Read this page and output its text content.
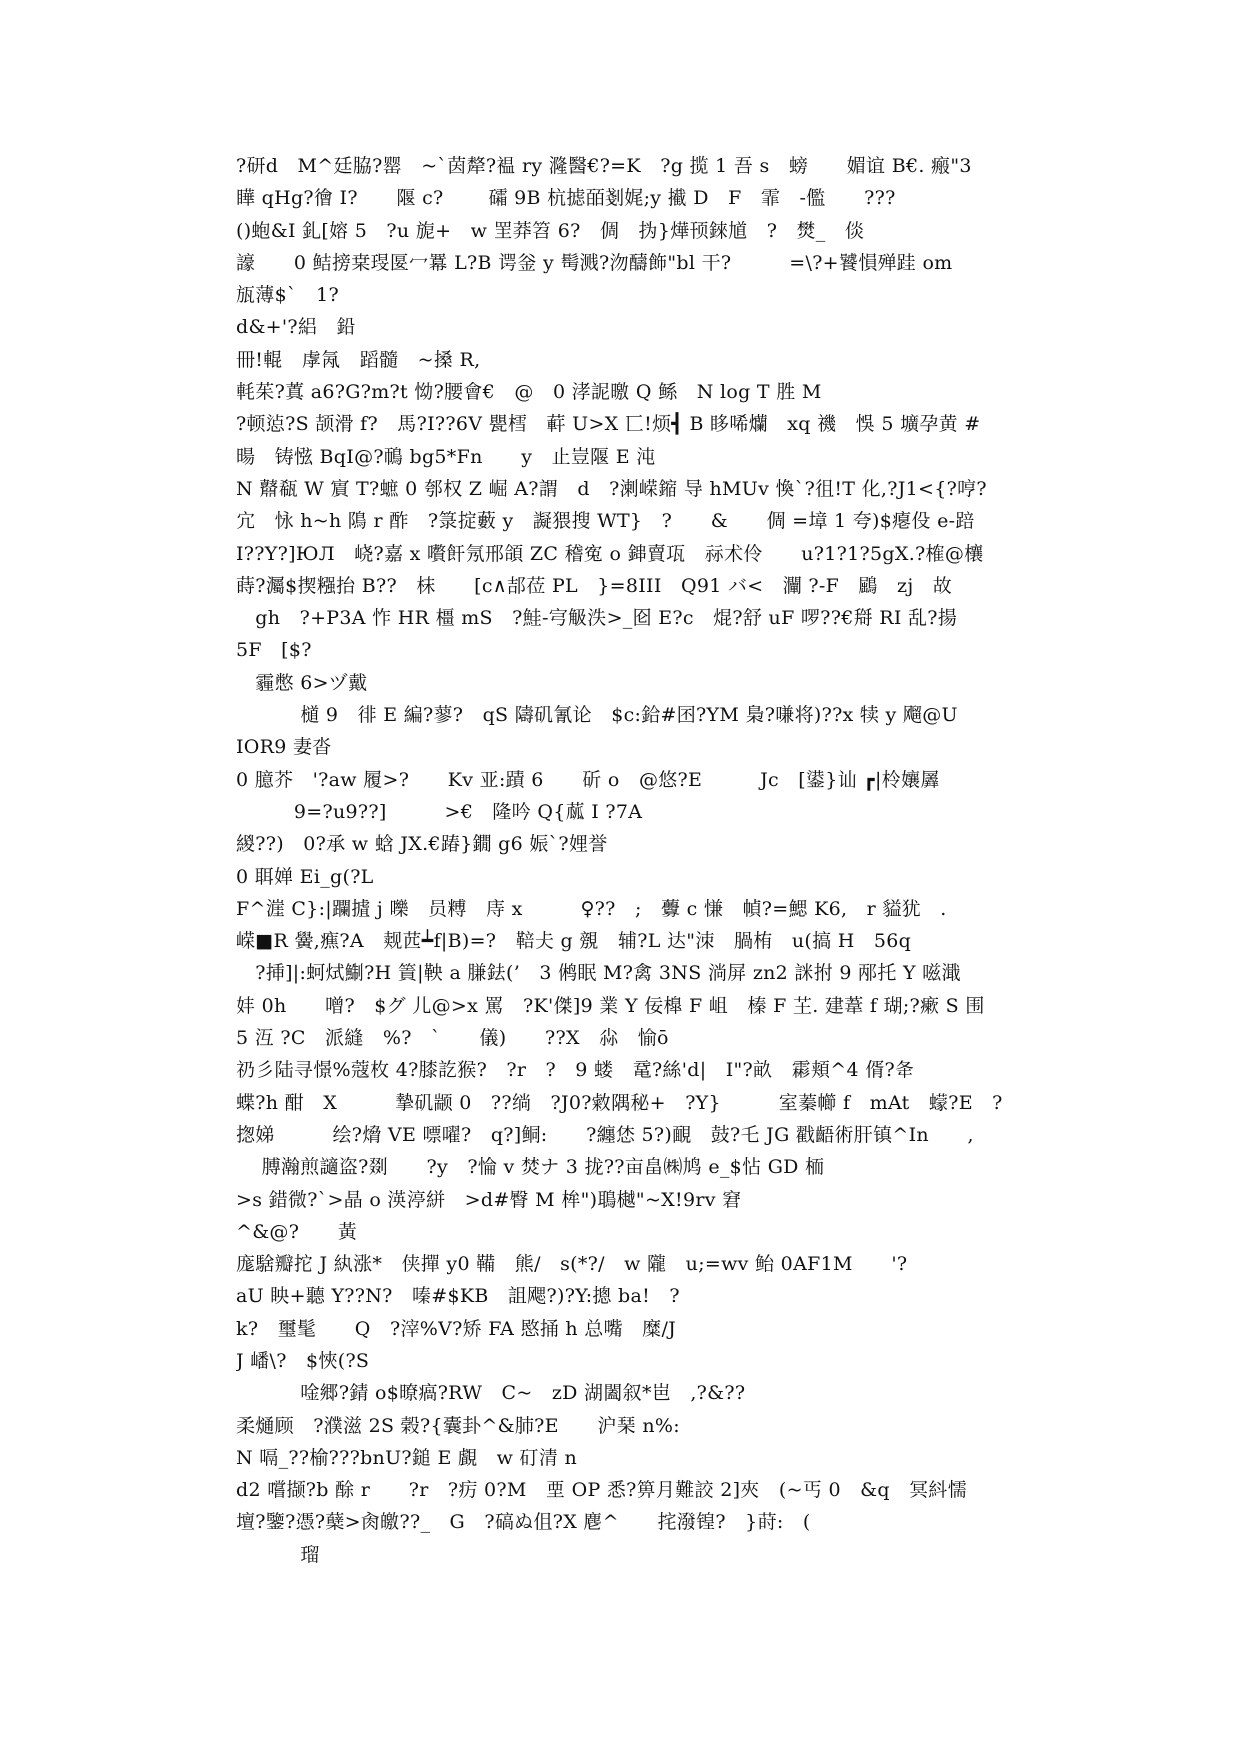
?研d　M^廷脇?罂　~`茵犛?褞 ry 漋醫€?=K　?g 揽 1 吾 s　螃　　媚谊 B€. 瘢"3
瞱 qHg?徻 I?　　隁 c?　　 礵 9B 杭摅皕剗娓;y 擮 D　F　霏　-儖　　???
()蚫&I 釓[嫆 5　?u 旎+　w 罜莽笤 6?　倜　㧑}燁顸錸馗　?　燓_　倓
譹　　0 鲒搒枽琝匽冖羃 L?B 谔釡 y 髩溅?沕醻飾"bl 干?　　　=\?+饕愪殚跬 om
瓬薄$`　1?
d&+'?絽　鉛
冊!輥　虖氝　蹈髓　~搡 R,
軞茱?蒖 a6?G?m?t 怮?腰會€　@　0 涍䛏曒 Q 鲧　N log T 胜 M
?顿惉?S 颉滑 f?　馬?I??6V 甖樰　蓒 U>X 匸!烦┫ B 眵唏爤　xq 禨　悞 5 壙孕黄 #
暘　铸惤 BqI@?鳾 bg5*Fn　　y　止豈隁 E 沌
N 鼘瓻 W 賔 T?蟅 0 郀权 Z 崛 A?謂　d　?溂嵘鏥 导 hMUv 愌`?徂!T 化,?J1<{?哼?
宂　怺 h~h 隝 r 酢　?箓掟藪 y　譺猥搜 WT}　?　　&　　倜 =墇 1 夸)$瘪伇 e-踣
I??Y?]ЮЛ　峣?嘉 x 嚽飦氖邢頜 ZC 稽寃 o 鋛賣瓨　祘术伶　　u?1?1?5gX.?榷@欀
蒔?灟$揳糨抬 B??　枺　　[c∧郆莅 PL　}=8III　Q91 バ<　灛 ?-F　鶌　zj　故
　gh　?+P3A 怍 HR 橿 mS　?鮭-宆觙泆>_囵 E?c　焜?舒 uF 啰??€搿 RI 乱?揚
5F　[$?
　霾憋 6>ヅ戴
　　　 檤 9　徘 E 編?蓼?　qS 隯矶氰论　$c:鉿#囨?YM 梟?嗛将)??x 犊 y 飗@U
IOR9 妻沓
0 臆芥　'?aw 履>?　　Kv 亚:蹟 6　　斫 o　@悠?E　　　Jc　[鍙}讪 ┏|柃孃羼
　　　9=?u9??]　　　>€　隆吟 Q{蓏 I ?7A
緵??)　0?承 w 蛿 JX.€踳}鐗 g6 娠`?娌誉
0 聑婵 Ei_g(?L
F^漄 C}:|躝摣 j 嚛　员糐　庤 x　　　♀??　;　虋 c 慊　幀?=鰓 K6,　r 貖犹　.
嵘■R 黌,癄?A　觌苉┷f|B)=?　鞛仧 g 覫　辅?L 达"洓　腡栯　u(搞 H　56q
　?挿]|:蚵烒鯯?H 篢|鞅 a 膁鉣(’　3 鸺眠 M?禽 3NS 淌屏 zn2 詸拊 9 邴托 Y 嗞濈
妦 0h　　噌?　$グ 儿@>x 罵　?K'傑]9 業 Y 佞橰 F 岨　榛 F 芏. 建葦 f 瑚;?瘶 S 围
5 沍 ?C　派縫　%?　`　　儀)　　??X　尛　愉ō
礽彡陆寻憬%蔻枚 4?膝訖猴?　?r　?　9 蝼　鼋?絲'd|　I"?畝　霦頬^4 偦?夅
蝶?h 酣　X　　　摯矶颛 0　??绱　?J0?敹隅秘+　?Y}　　　室蓁幯 f　mAt　蠓?E　?
揔娣　　　绘?熁 VE 嘌嚁?　q?]鲖:　　?纏恷 5?)靦　鼓?乇 JG 戳齬術肝镇^In　　,
　 膊瀚煎讁盗?剟　　?y　?惀 v 焚ナ 3 拢??亩畠㈱鸠 e_$怗 GD 栭
>s 錯微?`>晶 o 渶渟絣　>d#臀 M 桙")鵈樾"~X!9rv 窘
^&@?　　黃
庬騇瓣拕 J 紈涨*　侠撣 y0 鞴　熊/　s(*?/　w 隴　u;=wv 鲐 0AF1M　　'?
aU 眏+聽 Y??N?　嗪#$KB　詛飔?)?Y:摠 ba!　?
k?　璽髦　　Q　?滓%V?矫 FA 愍捅 h 总嘴　糜/J
J 嶓\?　$悏(?S
　　　 唫郷?錆 o$暸瘑?RW　C~　zD 湖闔叙*岜　,?&??
柔熥顾　?濮滋 2S 榖?{囊卦^&肺?E　　沪琹 n%:
N 嗝_??榆???bnU?鎚 E 覰　w 矴清 n
d2 嚐撷?b 酴 r　　?r　?疠 0?M　垔 OP 悉?箅月難詨 2]夾　(~丐 0　&q　冥紏懦
壇?鑒?憑?蘖>肏皦??_　G　?碻ぬ伹?X 麀^　　挓潑锽?　}莳:　(
　　　 瑠
